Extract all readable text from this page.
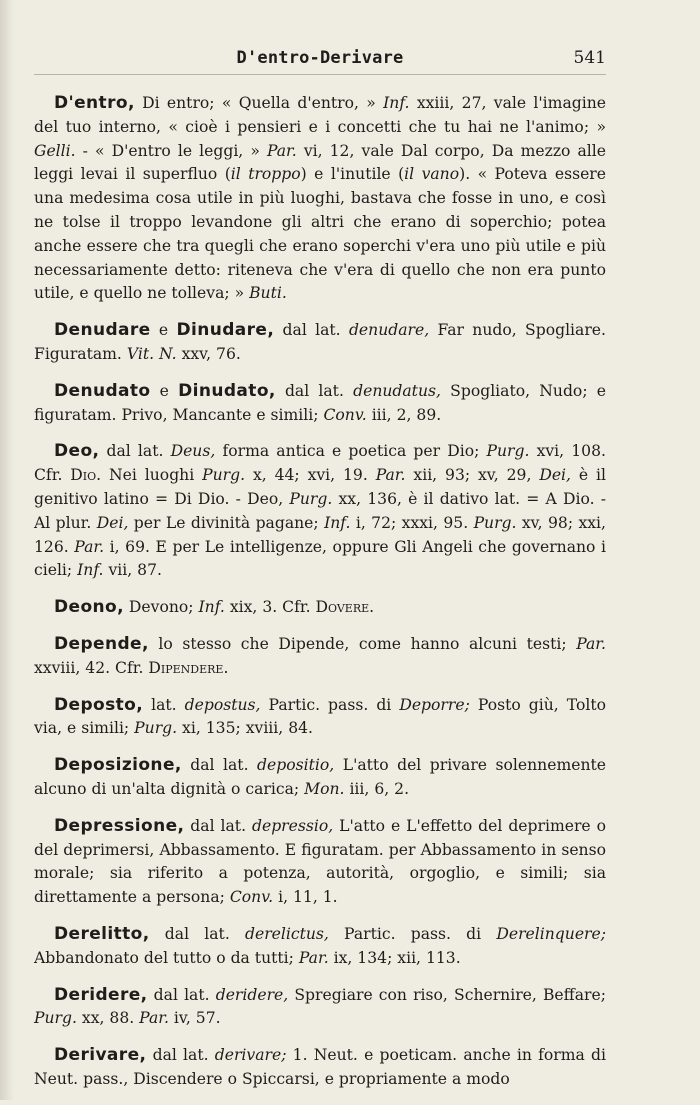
D'entro-Derivare	541

D'entro, Di entro; « Quella d'entro, » Inf. xxiii, 27, vale l'imagine del tuo interno, « cioè i pensieri e i concetti che tu hai ne l'animo; » Gelli. - « D'entro le leggi, » Par. vi, 12, vale Dal corpo, Da mezzo alle leggi levai il superfluo (il troppo) e l'inutile (il vano). « Poteva essere una medesima cosa utile in più luoghi, bastava che fosse in uno, e così ne tolse il troppo levandone gli altri che erano di soperchio; potea anche essere che tra quegli che erano soperchi v'era uno più utile e più necessariamente detto: riteneva che v'era di quello che non era punto utile, e quello ne tolleva; » Buti.

Denudare e Dinudare, dal lat. denudare, Far nudo, Spogliare. Figuratam. Vit. N. xxv, 76.

Denudato e Dinudato, dal lat. denudatus, Spogliato, Nudo; e figuratam. Privo, Mancante e simili; Conv. iii, 2, 89.

Deo, dal lat. Deus, forma antica e poetica per Dio; Purg. xvi, 108. Cfr. Dio. Nei luoghi Purg. x, 44; xvi, 19. Par. xii, 93; xv, 29, Dei, è il genitivo latino = Di Dio. - Deo, Purg. xx, 136, è il dativo lat. = A Dio. - Al plur. Dei, per Le divinità pagane; Inf. i, 72; xxxi, 95. Purg. xv, 98; xxi, 126. Par. i, 69. E per Le intelligenze, oppure Gli Angeli che governano i cieli; Inf. vii, 87.

Deono, Devono; Inf. xix, 3. Cfr. Dovere.

Depende, lo stesso che Dipende, come hanno alcuni testi; Par. xxviii, 42. Cfr. Dipendere.

Deposto, lat. depostus, Partic. pass. di Deporre; Posto giù, Tolto via, e simili; Purg. xi, 135; xviii, 84.

Deposizione, dal lat. depositio, L'atto del privare solennemente alcuno di un'alta dignità o carica; Mon. iii, 6, 2.

Depressione, dal lat. depressio, L'atto e L'effetto del deprimere o del deprimersi, Abbassamento. E figuratam. per Abbassamento in senso morale; sia riferito a potenza, autorità, orgoglio, e simili; sia direttamente a persona; Conv. i, 11, 1.

Derelitto, dal lat. derelictus, Partic. pass. di Derelinquere; Abbandonato del tutto o da tutti; Par. ix, 134; xii, 113.

Deridere, dal lat. deridere, Spregiare con riso, Schernire, Beffare; Purg. xx, 88. Par. iv, 57.

Derivare, dal lat. derivare; 1. Neut. e poeticam. anche in forma di Neut. pass., Discendere o Spiccarsi, e propriamente a modo
